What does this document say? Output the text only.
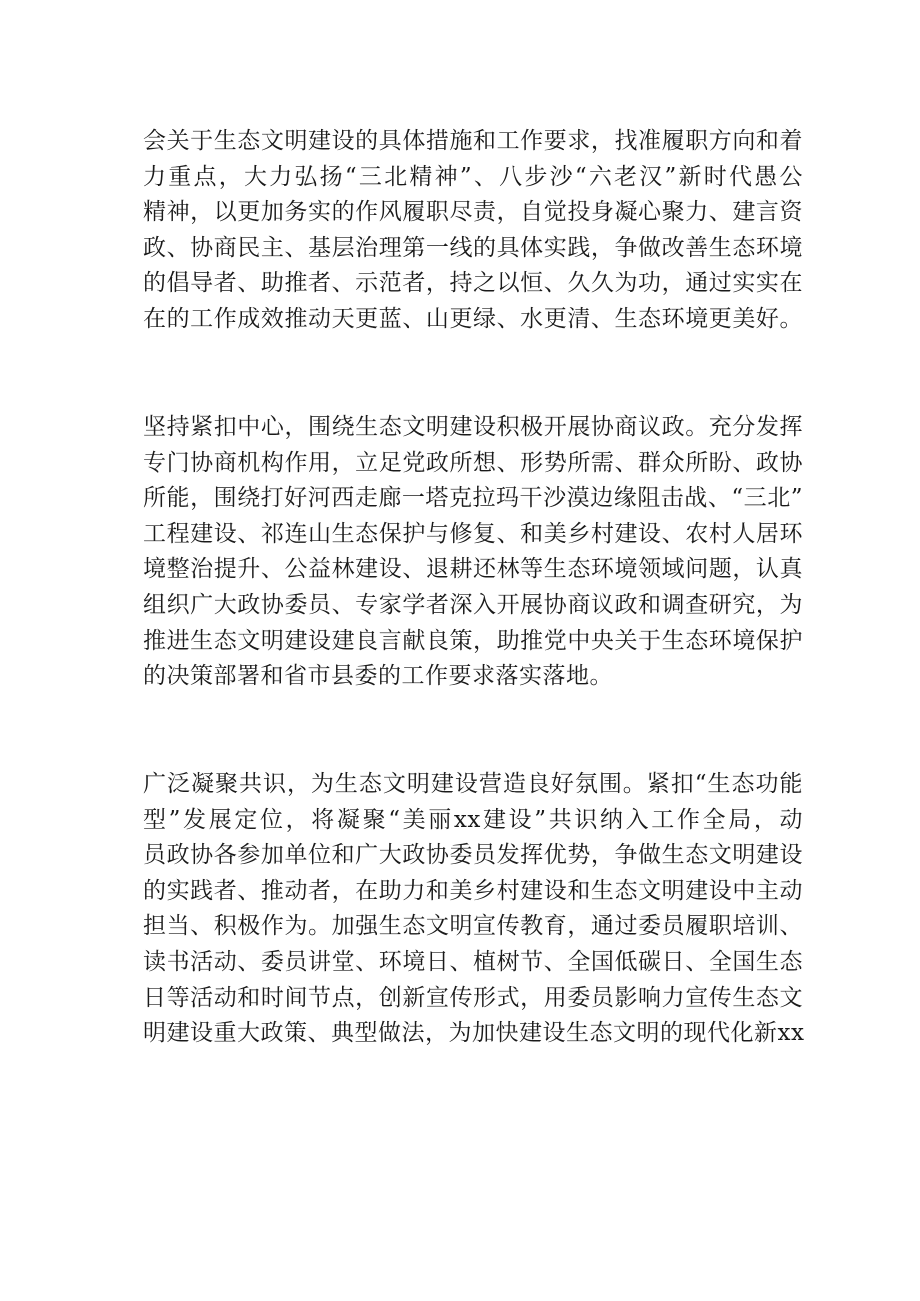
会关于生态文明建设的具体措施和工作要求，找准履职方向和着
力重点，大力弘扬“三北精神”、八步沙“六老汉”新时代愚公
精神，以更加务实的作风履职尽责，自觉投身凝心聚力、建言资
政、协商民主、基层治理第一线的具体实践，争做改善生态环境
的倡导者、助推者、示范者，持之以恒、久久为功，通过实实在
在的工作成效推动天更蓝、山更绿、水更清、生态环境更美好。
坚持紧扣中心，围绕生态文明建设积极开展协商议政。充分发挥
专门协商机构作用，立足党政所想、形势所需、群众所盼、政协
所能，围绕打好河西走廊一塔克拉玛干沙漠边缘阻击战、“三北”
工程建设、祁连山生态保护与修复、和美乡村建设、农村人居环
境整治提升、公益林建设、退耕还林等生态环境领域问题，认真
组织广大政协委员、专家学者深入开展协商议政和调查研究，为
推进生态文明建设建良言献良策，助推党中央关于生态环境保护
的决策部署和省市县委的工作要求落实落地。
广泛凝聚共识，为生态文明建设营造良好氛围。紧扣“生态功能
型”发展定位，将凝聚“美丽xx建设”共识纳入工作全局，动
员政协各参加单位和广大政协委员发挥优势，争做生态文明建设
的实践者、推动者，在助力和美乡村建设和生态文明建设中主动
担当、积极作为。加强生态文明宣传教育，通过委员履职培训、
读书活动、委员讲堂、环境日、植树节、全国低碳日、全国生态
日等活动和时间节点，创新宣传形式，用委员影响力宣传生态文
明建设重大政策、典型做法，为加快建设生态文明的现代化新xx
